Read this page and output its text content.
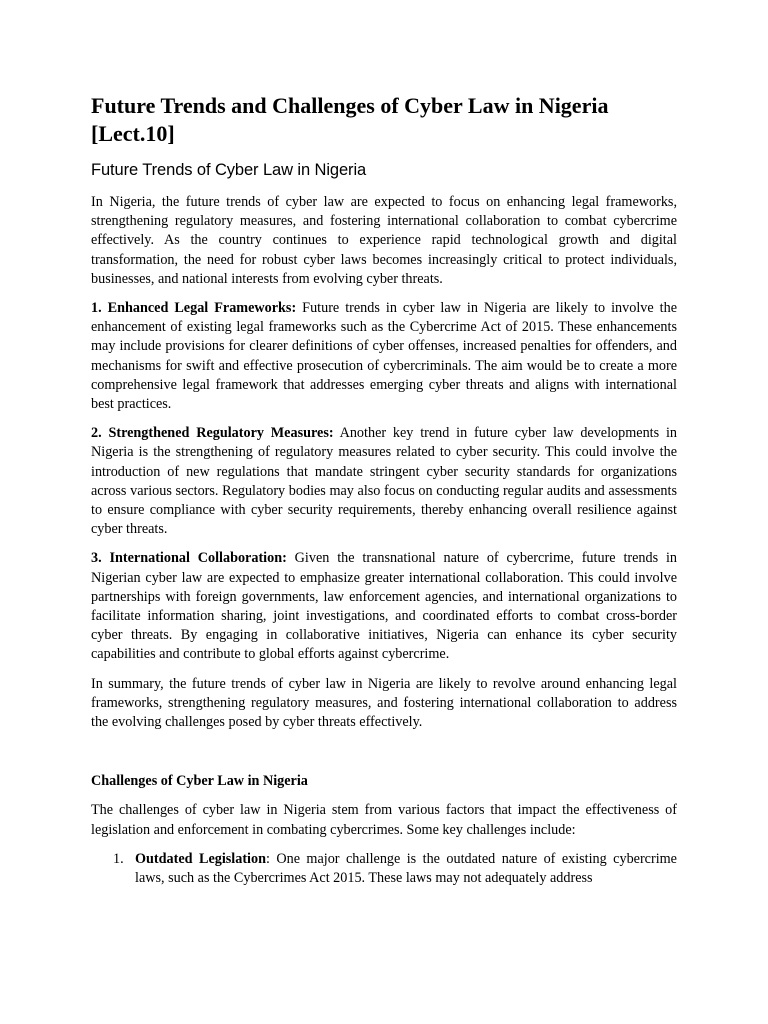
Future Trends and Challenges of Cyber Law in Nigeria [Lect.10]
Future Trends of Cyber Law in Nigeria

In Nigeria, the future trends of cyber law are expected to focus on enhancing legal frameworks, strengthening regulatory measures, and fostering international collaboration to combat cybercrime effectively. As the country continues to experience rapid technological growth and digital transformation, the need for robust cyber laws becomes increasingly critical to protect individuals, businesses, and national interests from evolving cyber threats.

1. Enhanced Legal Frameworks: Future trends in cyber law in Nigeria are likely to involve the enhancement of existing legal frameworks such as the Cybercrime Act of 2015. These enhancements may include provisions for clearer definitions of cyber offenses, increased penalties for offenders, and mechanisms for swift and effective prosecution of cybercriminals. The aim would be to create a more comprehensive legal framework that addresses emerging cyber threats and aligns with international best practices.

2. Strengthened Regulatory Measures: Another key trend in future cyber law developments in Nigeria is the strengthening of regulatory measures related to cyber security. This could involve the introduction of new regulations that mandate stringent cyber security standards for organizations across various sectors. Regulatory bodies may also focus on conducting regular audits and assessments to ensure compliance with cyber security requirements, thereby enhancing overall resilience against cyber threats.

3. International Collaboration: Given the transnational nature of cybercrime, future trends in Nigerian cyber law are expected to emphasize greater international collaboration. This could involve partnerships with foreign governments, law enforcement agencies, and international organizations to facilitate information sharing, joint investigations, and coordinated efforts to combat cross-border cyber threats. By engaging in collaborative initiatives, Nigeria can enhance its cyber security capabilities and contribute to global efforts against cybercrime.

In summary, the future trends of cyber law in Nigeria are likely to revolve around enhancing legal frameworks, strengthening regulatory measures, and fostering international collaboration to address the evolving challenges posed by cyber threats effectively.

Challenges of Cyber Law in Nigeria

The challenges of cyber law in Nigeria stem from various factors that impact the effectiveness of legislation and enforcement in combating cybercrimes. Some key challenges include:

1. Outdated Legislation: One major challenge is the outdated nature of existing cybercrime laws, such as the Cybercrimes Act 2015. These laws may not adequately address
